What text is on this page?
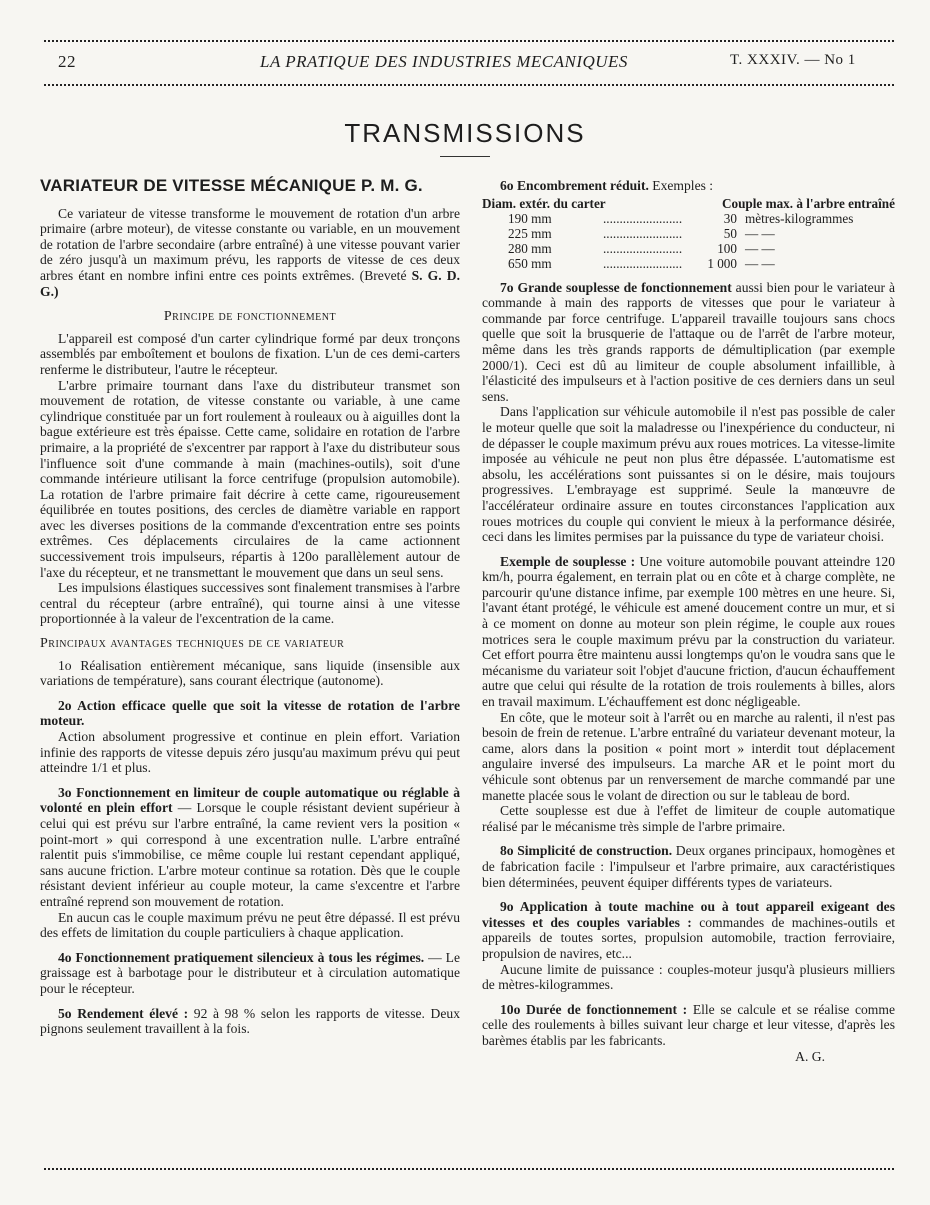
22	LA PRATIQUE DES INDUSTRIES MECANIQUES	T. XXXIV. — No 1
TRANSMISSIONS
VARIATEUR DE VITESSE MÉCANIQUE P. M. G.

Ce variateur de vitesse transforme le mouvement de rotation d'un arbre primaire (arbre moteur), de vitesse constante ou variable, en un mouvement de rotation de l'arbre secondaire (arbre entraîné) à une vitesse pouvant varier de zéro jusqu'à un maximum prévu, les rapports de vitesse de ces deux arbres étant en nombre infini entre ces points extrêmes. (Breveté S. G. D. G.)

Principe de fonctionnement

L'appareil est composé d'un carter cylindrique formé par deux tronçons assemblés par emboîtement et boulons de fixation. L'un de ces demi-carters renferme le distributeur, l'autre le récepteur.

L'arbre primaire tournant dans l'axe du distributeur transmet son mouvement de rotation, de vitesse constante ou variable, à une came cylindrique constituée par un fort roulement à rouleaux ou à aiguilles dont la bague extérieure est très épaisse. Cette came, solidaire en rotation de l'arbre primaire, a la propriété de s'excentrer par rapport à l'axe du distributeur sous l'influence soit d'une commande à main (machines-outils), soit d'une commande intérieure utilisant la force centrifuge (propulsion automobile). La rotation de l'arbre primaire fait décrire à cette came, rigoureusement équilibrée en toutes positions, des cercles de diamètre variable en rapport avec les diverses positions de la commande d'excentration entre ses points extrêmes. Ces déplacements circulaires de la came actionnent successivement trois impulseurs, répartis à 120o parallèlement autour de l'axe du récepteur, et ne transmettant le mouvement que dans un seul sens.

Les impulsions élastiques successives sont finalement transmises à l'arbre central du récepteur (arbre entraîné), qui tourne ainsi à une vitesse proportionnée à la valeur de l'excentration de la came.

Principaux avantages techniques de ce variateur

1o Réalisation entièrement mécanique, sans liquide (insensible aux variations de température), sans courant électrique (autonome).

2o Action efficace quelle que soit la vitesse de rotation de l'arbre moteur.

Action absolument progressive et continue en plein effort. Variation infinie des rapports de vitesse depuis zéro jusqu'au maximum prévu qui peut atteindre 1/1 et plus.

3o Fonctionnement en limiteur de couple automatique ou réglable à volonté en plein effort — Lorsque le couple résistant devient supérieur à celui qui est prévu sur l'arbre entraîné, la came revient vers la position « point-mort » qui correspond à une excentration nulle. L'arbre entraîné ralentit puis s'immobilise, ce même couple lui restant cependant appliqué, sans aucune friction. L'arbre moteur continue sa rotation. Dès que le couple résistant devient inférieur au couple moteur, la came s'excentre et l'arbre entraîné reprend son mouvement de rotation.

En aucun cas le couple maximum prévu ne peut être dépassé. Il est prévu des effets de limitation du couple particuliers à chaque application.

4o Fonctionnement pratiquement silencieux à tous les régimes. — Le graissage est à barbotage pour le distributeur et à circulation automatique pour le récepteur.

5o Rendement élevé : 92 à 98 % selon les rapports de vitesse. Deux pignons seulement travaillent à la fois.

6o Encombrement réduit. Exemples :

Diam. extér. du carter		Couple max. à l'arbre entraîné	
190 mm	........................	30	mètres-kilogrammes
225 mm	........................	50	— —
280 mm	........................	100	— —
650 mm	........................	1 000	— —

7o Grande souplesse de fonctionnement aussi bien pour le variateur à commande à main des rapports de vitesses que pour le variateur à commande par force centrifuge. L'appareil travaille toujours sans chocs quelle que soit la brusquerie de l'attaque ou de l'arrêt de l'arbre moteur, même dans les très grands rapports de démultiplication (par exemple 2000/1). Ceci est dû au limiteur de couple absolument infaillible, à l'élasticité des impulseurs et à l'action positive de ces derniers dans un seul sens.

Dans l'application sur véhicule automobile il n'est pas possible de caler le moteur quelle que soit la maladresse ou l'inexpérience du conducteur, ni de dépasser le couple maximum prévu aux roues motrices. La vitesse-limite imposée au véhicule ne peut non plus être dépassée. L'automatisme est absolu, les accélérations sont puissantes si on le désire, mais toujours progressives. L'embrayage est supprimé. Seule la manœuvre de l'accélérateur ordinaire assure en toutes circonstances l'application aux roues motrices du couple qui convient le mieux à la performance désirée, ceci dans les limites permises par la puissance du type de variateur choisi.

Exemple de souplesse : Une voiture automobile pouvant atteindre 120 km/h, pourra également, en terrain plat ou en côte et à charge complète, ne parcourir qu'une distance infime, par exemple 100 mètres en une heure. Si, l'avant étant protégé, le véhicule est amené doucement contre un mur, et si à ce moment on donne au moteur son plein régime, le couple aux roues motrices sera le couple maximum prévu par la construction du variateur. Cet effort pourra être maintenu aussi longtemps qu'on le voudra sans que le mécanisme du variateur soit l'objet d'aucune friction, d'aucun échauffement autre que celui qui résulte de la rotation de trois roulements à billes, alors en travail maximum. L'échauffement est donc négligeable.

En côte, que le moteur soit à l'arrêt ou en marche au ralenti, il n'est pas besoin de frein de retenue. L'arbre entraîné du variateur devenant moteur, la came, alors dans la position « point mort » interdit tout déplacement angulaire inversé des impulseurs. La marche AR et le point mort du véhicule sont obtenus par un renversement de marche commandé par une manette placée sous le volant de direction ou sur le tableau de bord.

Cette souplesse est due à l'effet de limiteur de couple automatique réalisé par le mécanisme très simple de l'arbre primaire.

8o Simplicité de construction. Deux organes principaux, homogènes et de fabrication facile : l'impulseur et l'arbre primaire, aux caractéristiques bien déterminées, peuvent équiper différents types de variateurs.

9o Application à toute machine ou à tout appareil exigeant des vitesses et des couples variables : commandes de machines-outils et appareils de toutes sortes, propulsion automobile, traction ferroviaire, propulsion de navires, etc...

Aucune limite de puissance : couples-moteur jusqu'à plusieurs milliers de mètres-kilogrammes.

10o Durée de fonctionnement : Elle se calcule et se réalise comme celle des roulements à billes suivant leur charge et leur vitesse, d'après les barèmes établis par les fabricants.

A. G.
